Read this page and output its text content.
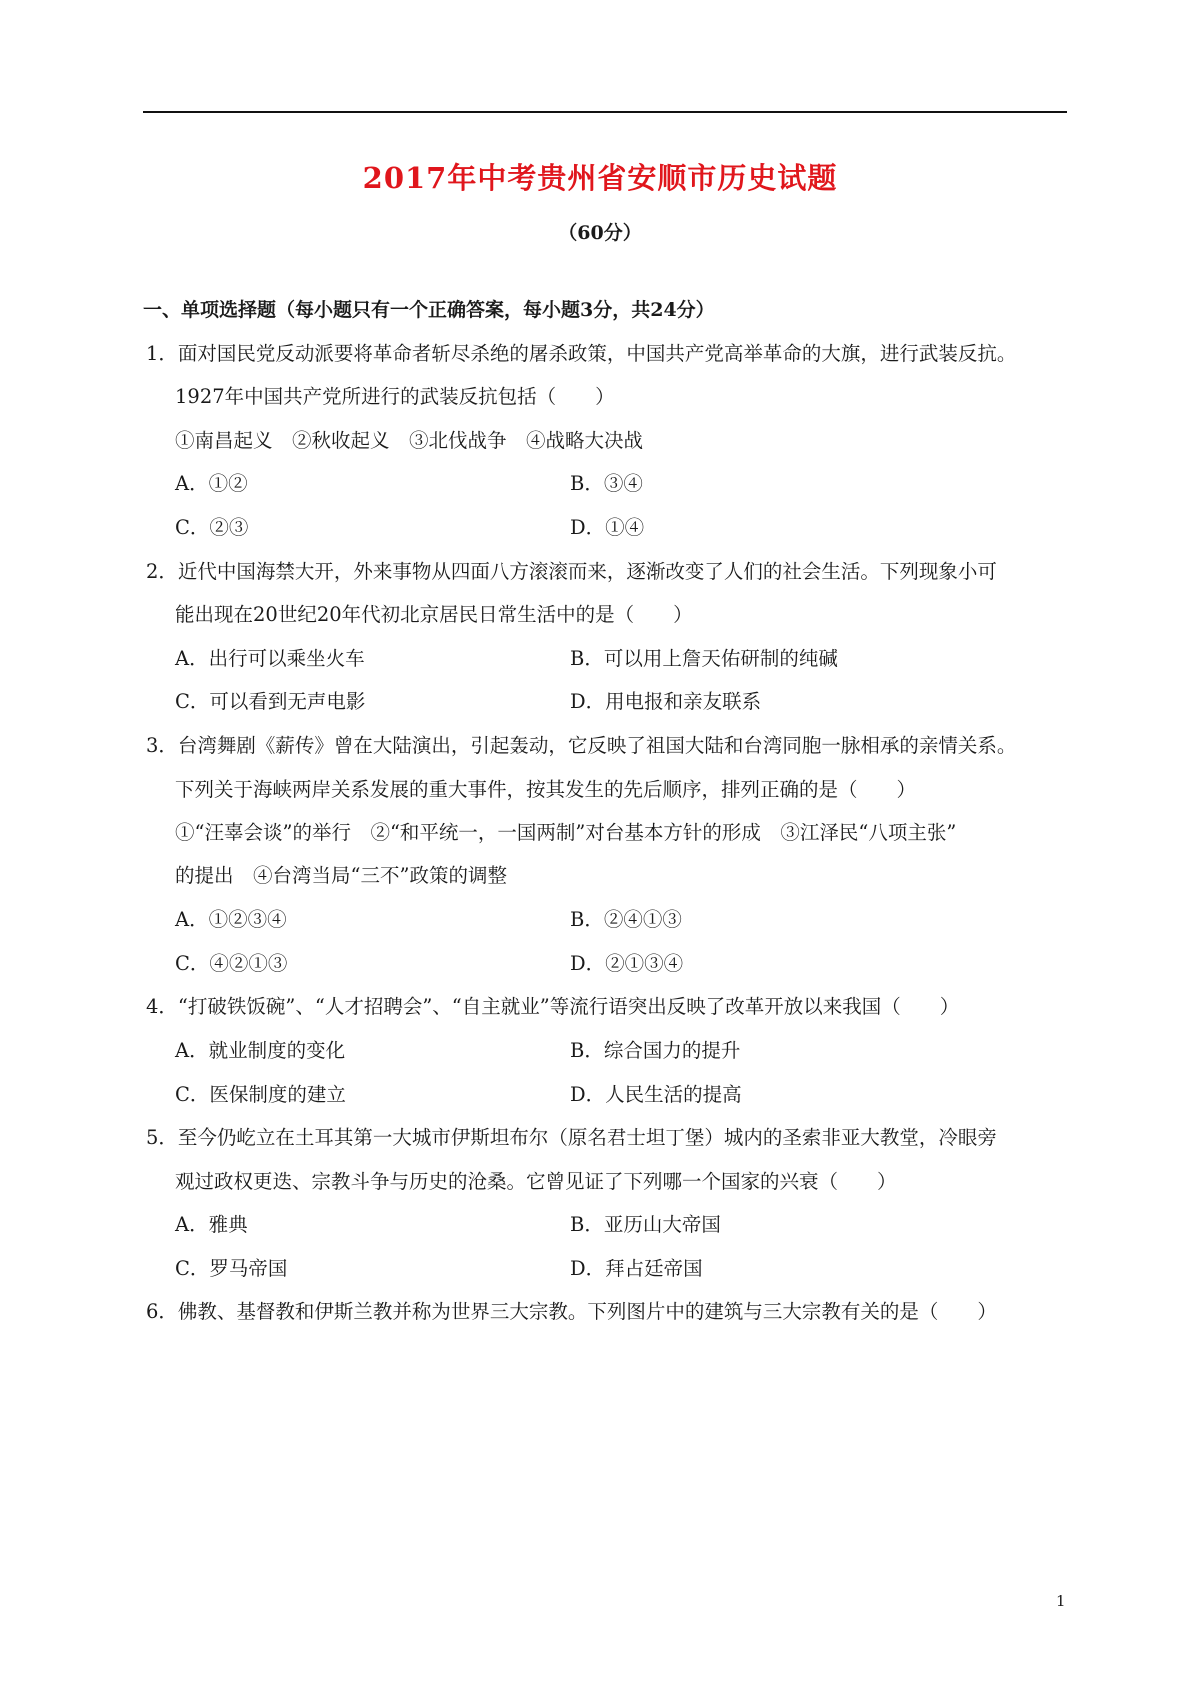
2017年中考贵州省安顺市历史试题
（60分）
一、单项选择题（每小题只有一个正确答案，每小题3分，共24分）
1．面对国民党反动派要将革命者斩尽杀绝的屠杀政策，中国共产党高举革命的大旗，进行武装反抗。
1927年中国共产党所进行的武装反抗包括（　　）
①南昌起义　②秋收起义　③北伐战争　④战略大决战
A．①②	B．③④
C．②③	D．①④
2．近代中国海禁大开，外来事物从四面八方滚滚而来，逐渐改变了人们的社会生活。下列现象小可
能出现在20世纪20年代初北京居民日常生活中的是（　　）
A．出行可以乘坐火车	B．可以用上詹天佑研制的纯碱
C．可以看到无声电影	D．用电报和亲友联系
3．台湾舞剧《薪传》曾在大陆演出，引起轰动，它反映了祖国大陆和台湾同胞一脉相承的亲情关系。
下列关于海峡两岸关系发展的重大事件，按其发生的先后顺序，排列正确的是（　　）
①“汪辜会谈”的举行　②“和平统一，一国两制”对台基本方针的形成　③江泽民“八项主张”
的提出　④台湾当局“三不”政策的调整
A．①②③④	B．②④①③
C．④②①③	D．②①③④
4．“打破铁饭碗”、“人才招聘会”、“自主就业”等流行语突出反映了改革开放以来我国（　　）
A．就业制度的变化	B．综合国力的提升
C．医保制度的建立	D．人民生活的提高
5．至今仍屹立在土耳其第一大城市伊斯坦布尔（原名君士坦丁堡）城内的圣索非亚大教堂，冷眼旁
观过政权更迭、宗教斗争与历史的沧桑。它曾见证了下列哪一个国家的兴衰（　　）
A．雅典	B．亚历山大帝国
C．罗马帝国	D．拜占廷帝国
6．佛教、基督教和伊斯兰教并称为世界三大宗教。下列图片中的建筑与三大宗教有关的是（　　）
1
